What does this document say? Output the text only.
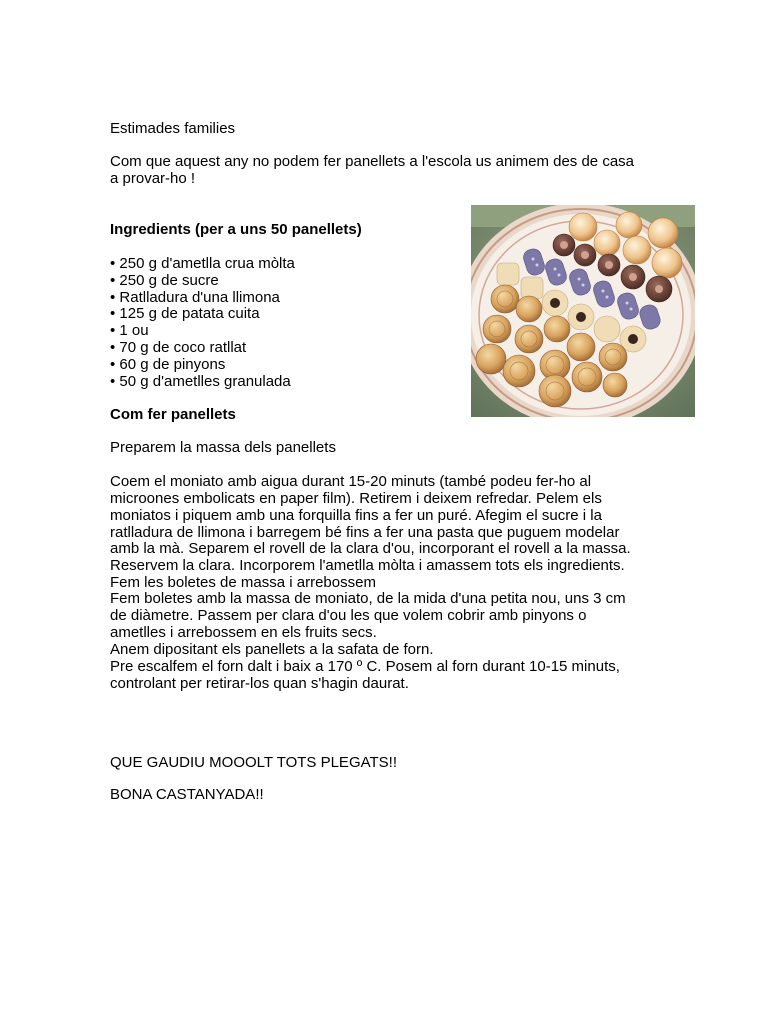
Estimades families

Com que aquest any no podem fer panellets a l'escola us animem des de casa

a provar-ho !

Ingredients (per a uns 50 panellets)

• 250 g d'ametlla crua mòlta

• 250 g de sucre

• Ratlladura d'una llimona

• 125 g de patata cuita

• 1 ou

• 70 g de coco ratllat

• 60 g de pinyons

• 50 g d'ametlles granulada

Com fer panellets

Preparem la massa dels panellets

Coem el moniato amb aigua durant 15-20 minuts (també podeu fer-ho al

microones embolicats en paper film). Retirem i deixem refredar. Pelem els

moniatos i piquem amb una forquilla fins a fer un puré. Afegim el sucre i la

ratlladura de llimona i barregem bé fins a fer una pasta que puguem modelar

amb la mà. Separem el rovell de la clara d'ou, incorporant el rovell a la massa.

Reservem la clara. Incorporem l'ametlla mòlta i amassem tots els ingredients.

Fem les boletes de massa i arrebossem

Fem boletes amb la massa de moniato, de la mida d'una petita nou, uns 3 cm

de diàmetre. Passem per clara d'ou les que volem cobrir amb pinyons o

ametlles i arrebossem en els fruits secs.

Anem dipositant els panellets a la safata de forn.

Pre escalfem el forn dalt i baix a 170 º C. Posem al forn durant 10-15 minuts,

controlant per retirar-los quan s'hagin daurat.

QUE GAUDIU MOOOLT TOTS PLEGATS!!

BONA CASTANYADA!!
